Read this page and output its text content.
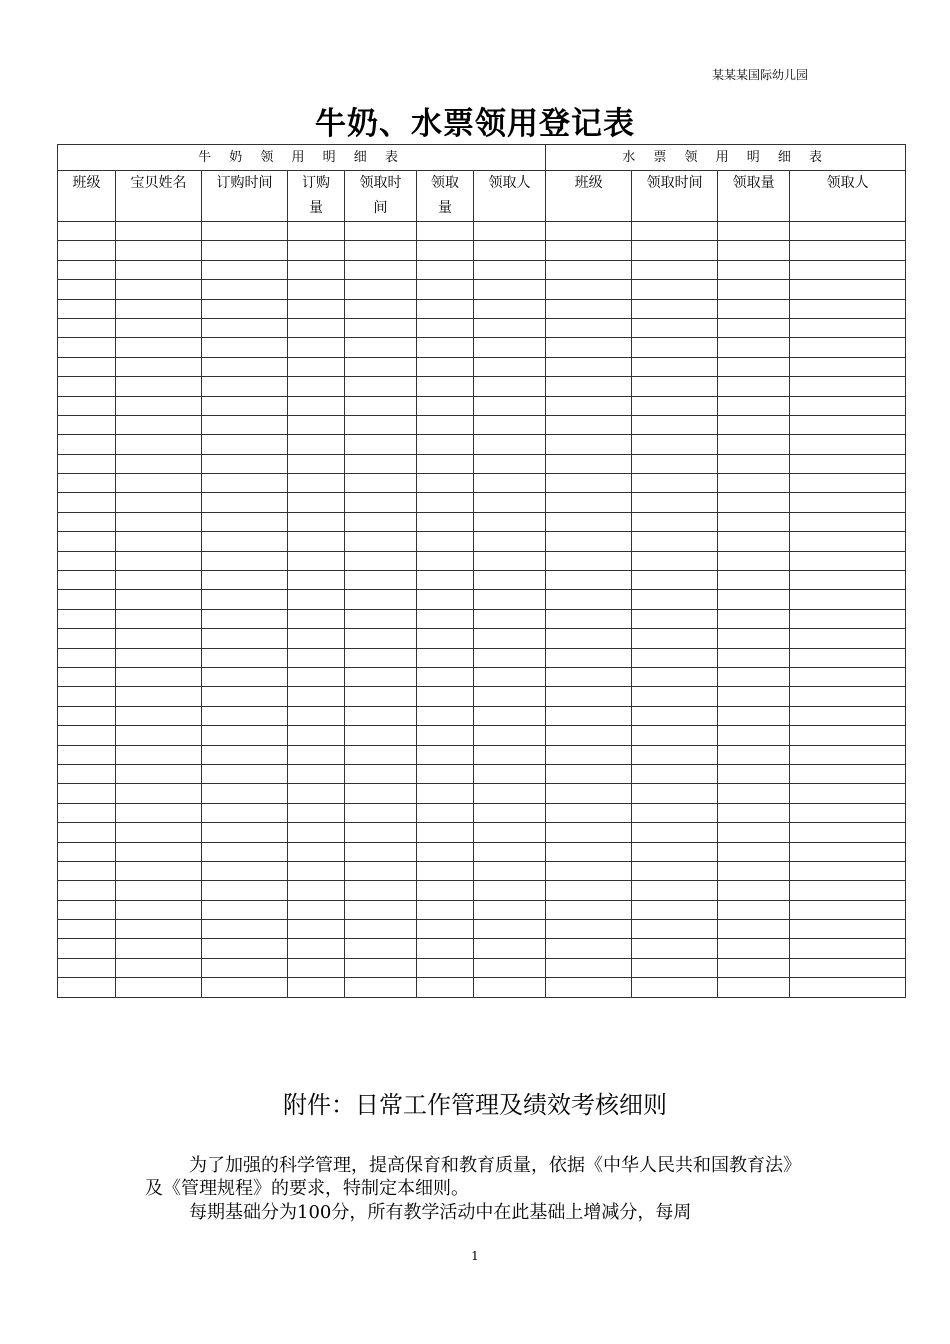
某某某国际幼儿园
牛奶、水票领用登记表
牛 奶 领 用 明 细 表							水 票 领 用 明 细 表			
班级	宝贝姓名	订购时间	订购量	领取时间	领取量	领取人	班级	领取时间	领取量	领取人

附件：日常工作管理及绩效考核细则
为了加强的科学管理，提高保育和教育质量，依据《中华人民共和国教育法》及《管理规程》的要求，特制定本细则。
每期基础分为100分，所有教学活动中在此基础上增减分，每周
1
